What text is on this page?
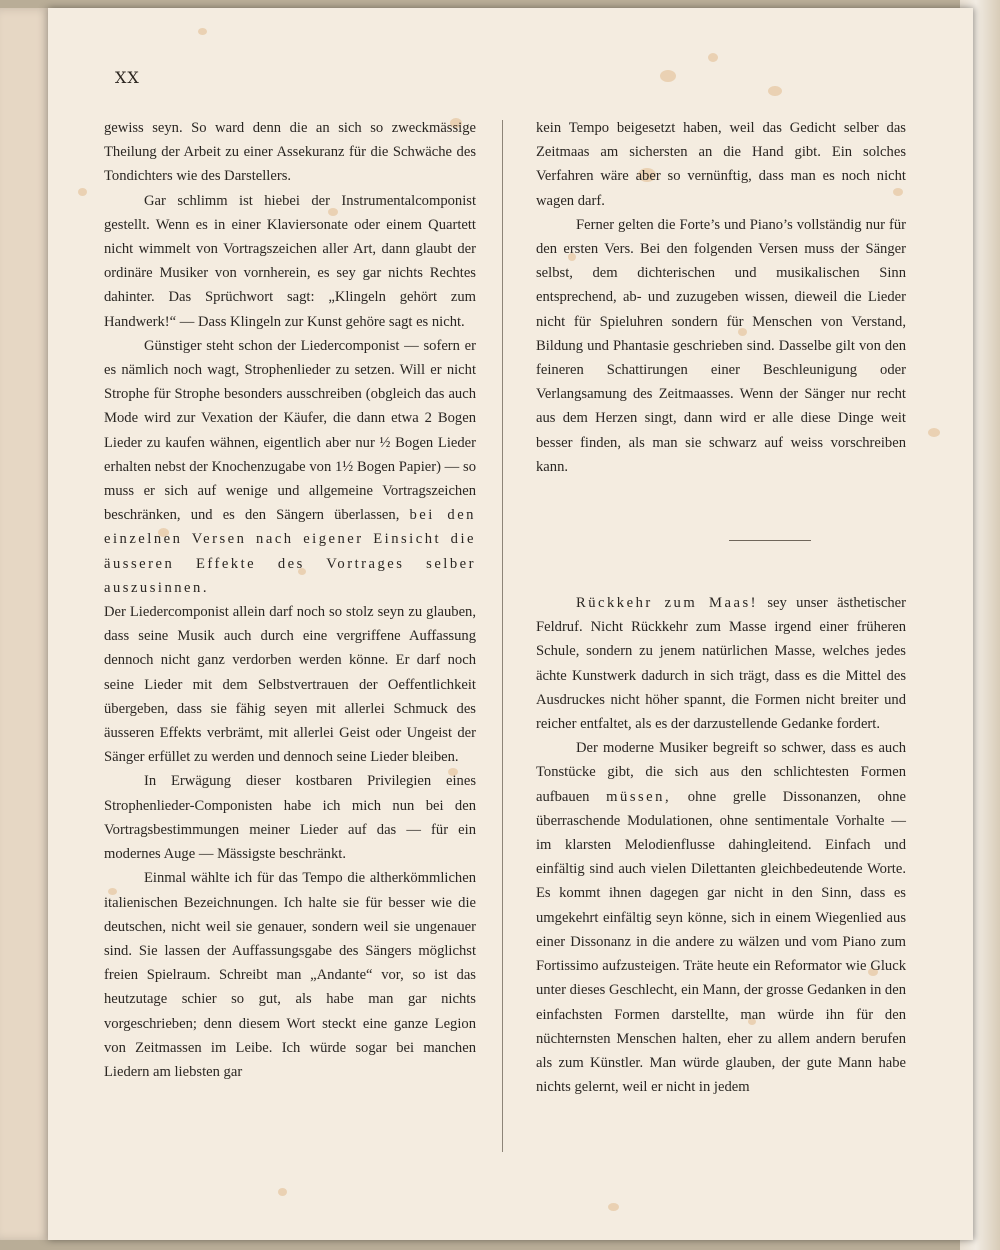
XX

gewiss seyn. So ward denn die an sich so zweckmässige Theilung der Arbeit zu einer Assekuranz für die Schwäche des Tondichters wie des Darstellers.

Gar schlimm ist hiebei der Instrumentalcomponist gestellt. Wenn es in einer Klaviersonate oder einem Quartett nicht wimmelt von Vortragszeichen aller Art, dann glaubt der ordinäre Musiker von vornherein, es sey gar nichts Rechtes dahinter. Das Sprüchwort sagt: „Klingeln gehört zum Handwerk!“ — Dass Klingeln zur Kunst gehöre sagt es nicht.

Günstiger steht schon der Liedercomponist — sofern er es nämlich noch wagt, Strophenlieder zu setzen. Will er nicht Strophe für Strophe besonders ausschreiben (obgleich das auch Mode wird zur Vexation der Käufer, die dann etwa 2 Bogen Lieder zu kaufen wähnen, eigentlich aber nur ½ Bogen Lieder erhalten nebst der Knochenzugabe von 1½ Bogen Papier) — so muss er sich auf wenige und allgemeine Vortragszeichen beschränken, und es den Sängern überlassen, bei den einzelnen Versen nach eigener Einsicht die äusseren Effekte des Vortrages selber auszusinnen.

Der Liedercomponist allein darf noch so stolz seyn zu glauben, dass seine Musik auch durch eine vergriffene Auffassung dennoch nicht ganz verdorben werden könne. Er darf noch seine Lieder mit dem Selbstvertrauen der Oeffentlichkeit übergeben, dass sie fähig seyen mit allerlei Schmuck des äusseren Effekts verbrämt, mit allerlei Geist oder Ungeist der Sänger erfüllet zu werden und dennoch seine Lieder bleiben.

In Erwägung dieser kostbaren Privilegien eines Strophenlieder-Componisten habe ich mich nun bei den Vortragsbestimmungen meiner Lieder auf das — für ein modernes Auge — Mässigste beschränkt.

Einmal wählte ich für das Tempo die altherkömmlichen italienischen Bezeichnungen. Ich halte sie für besser wie die deutschen, nicht weil sie genauer, sondern weil sie ungenauer sind. Sie lassen der Auffassungsgabe des Sängers möglichst freien Spielraum. Schreibt man „Andante“ vor, so ist das heutzutage schier so gut, als habe man gar nichts vorgeschrieben; denn diesem Wort steckt eine ganze Legion von Zeitmassen im Leibe. Ich würde sogar bei manchen Liedern am liebsten gar

kein Tempo beigesetzt haben, weil das Gedicht selber das Zeitmaas am sichersten an die Hand gibt. Ein solches Verfahren wäre aber so vernünftig, dass man es noch nicht wagen darf.

Ferner gelten die Forte’s und Piano’s vollständig nur für den ersten Vers. Bei den folgenden Versen muss der Sänger selbst, dem dichterischen und musikalischen Sinn entsprechend, ab- und zuzugeben wissen, dieweil die Lieder nicht für Spieluhren sondern für Menschen von Verstand, Bildung und Phantasie geschrieben sind. Dasselbe gilt von den feineren Schattirungen einer Beschleunigung oder Verlangsamung des Zeitmaasses. Wenn der Sänger nur recht aus dem Herzen singt, dann wird er alle diese Dinge weit besser finden, als man sie schwarz auf weiss vorschreiben kann.

Rückkehr zum Maas! sey unser ästhetischer Feldruf. Nicht Rückkehr zum Masse irgend einer früheren Schule, sondern zu jenem natürlichen Masse, welches jedes ächte Kunstwerk dadurch in sich trägt, dass es die Mittel des Ausdruckes nicht höher spannt, die Formen nicht breiter und reicher entfaltet, als es der darzustellende Gedanke fordert.

Der moderne Musiker begreift so schwer, dass es auch Tonstücke gibt, die sich aus den schlichtesten Formen aufbauen müssen, ohne grelle Dissonanzen, ohne überraschende Modulationen, ohne sentimentale Vorhalte — im klarsten Melodienflusse dahingleitend. Einfach und einfältig sind auch vielen Dilettanten gleichbedeutende Worte. Es kommt ihnen dagegen gar nicht in den Sinn, dass es umgekehrt einfältig seyn könne, sich in einem Wiegenlied aus einer Dissonanz in die andere zu wälzen und vom Piano zum Fortissimo aufzusteigen. Träte heute ein Reformator wie Gluck unter dieses Geschlecht, ein Mann, der grosse Gedanken in den einfachsten Formen darstellte, man würde ihn für den nüchternsten Menschen halten, eher zu allem andern berufen als zum Künstler. Man würde glauben, der gute Mann habe nichts gelernt, weil er nicht in jedem
